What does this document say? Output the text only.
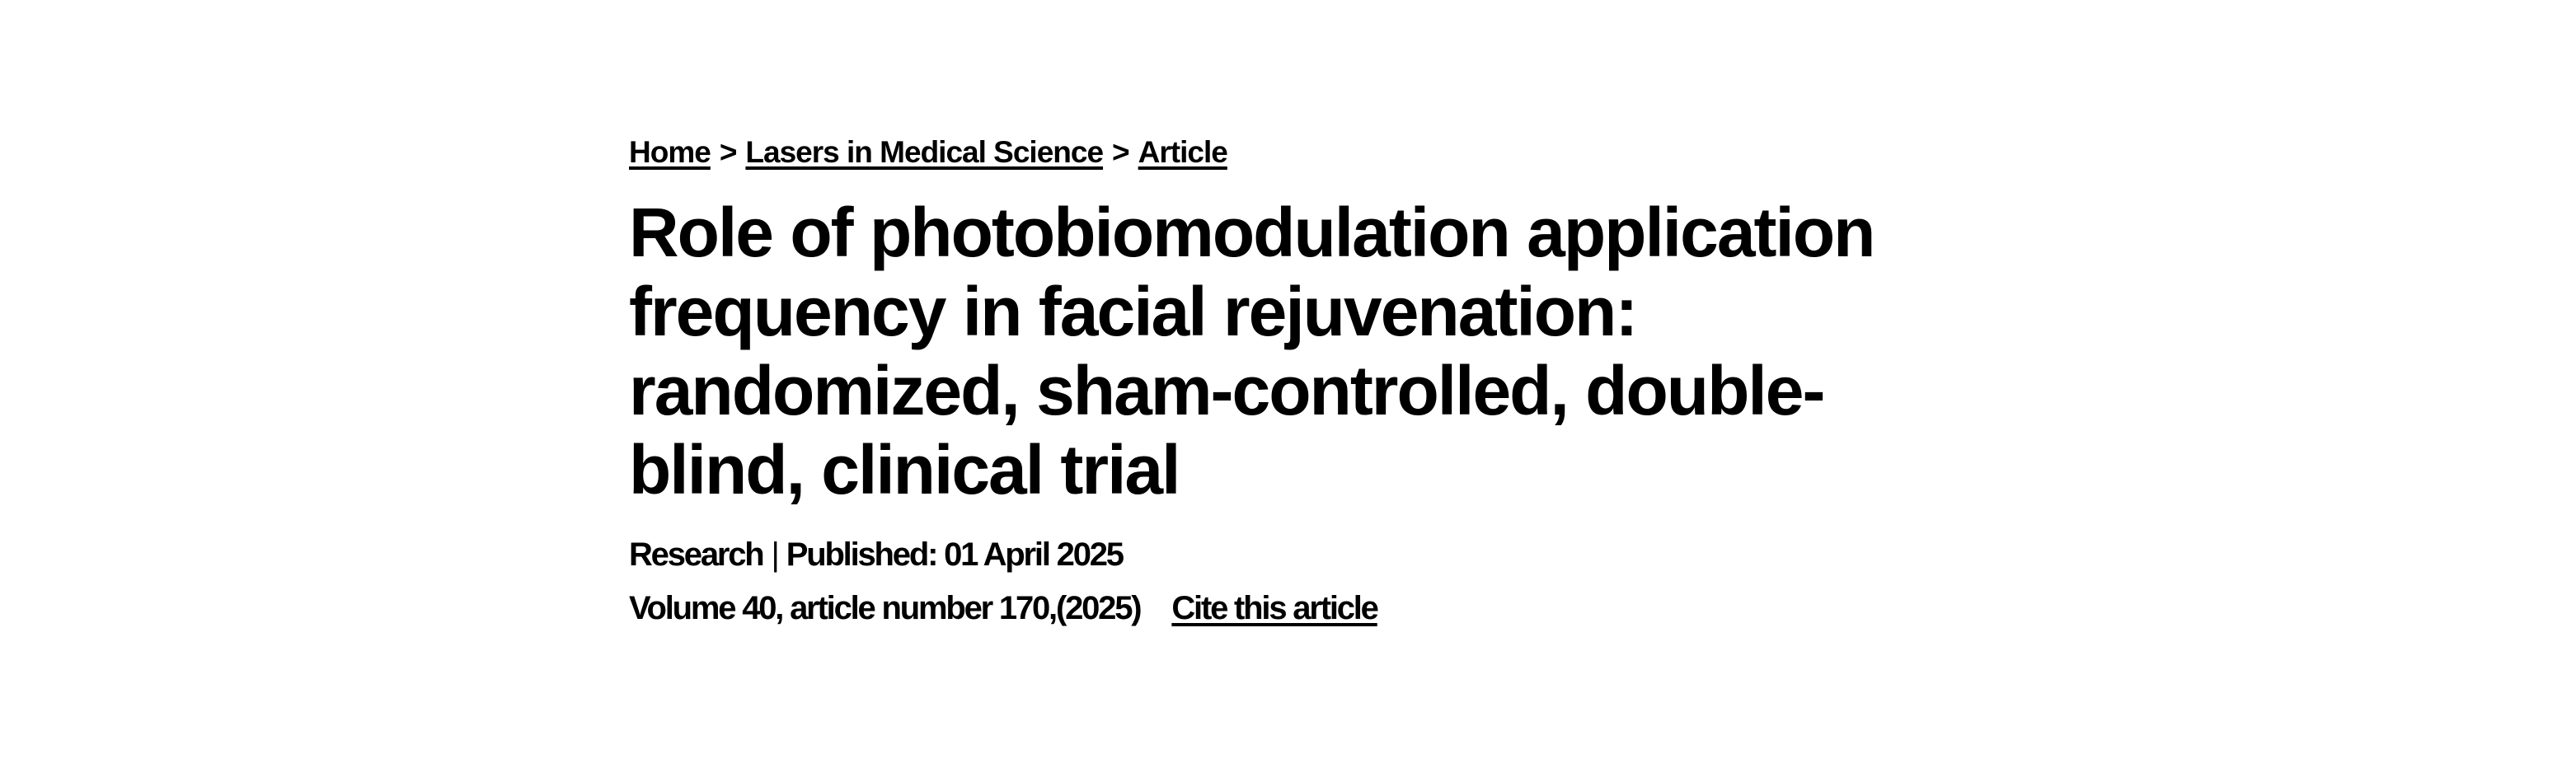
Home > Lasers in Medical Science > Article
Role of photobiomodulation application
frequency in facial rejuvenation:
randomized, sham-controlled, double-
blind, clinical trial
Research | Published: 01 April 2025
Volume 40, article number 170,(2025) Cite this article
